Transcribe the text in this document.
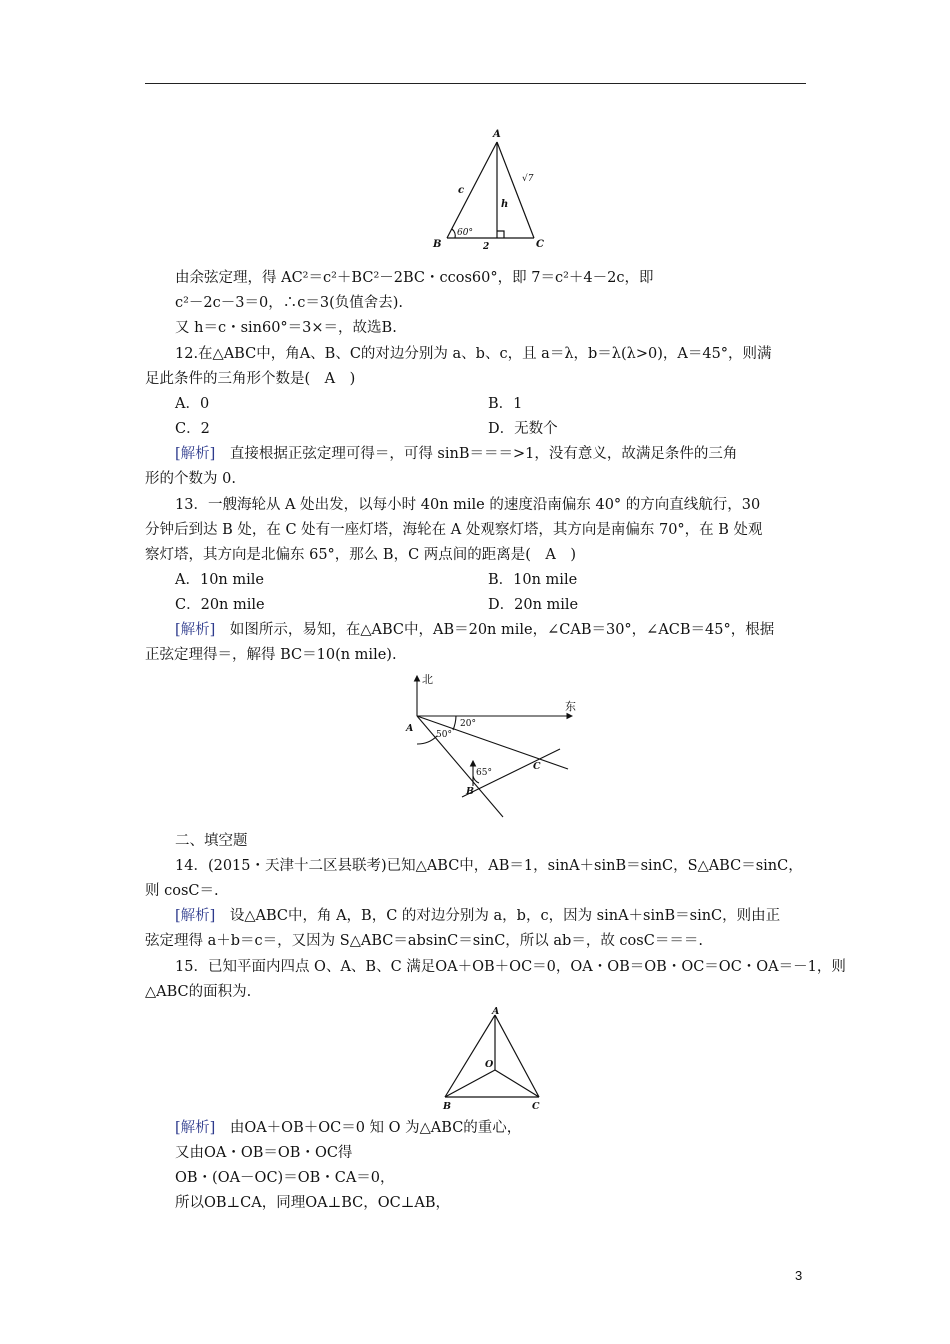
A
B	C
c
h
√7
60°
2
由余弦定理，得 AC²＝c²＋BC²－2BC・ccos60°，即 7＝c²＋4－2c，即
c²－2c－3＝0，∴c＝3(负值舍去).
又 h＝c・sin60°＝3×＝，故选B.
12.在△ABC中，角A、B、C的对边分别为 a、b、c，且 a＝λ，b＝λ(λ>0)，A＝45°，则满
足此条件的三角形个数是(　A　)
A．0	B．1
C．2	D．无数个
[解析]　直接根据正弦定理可得＝，可得 sinB＝＝＝>1，没有意义，故满足条件的三角
形的个数为 0.
13．一艘海轮从 A 处出发，以每小时 40n mile 的速度沿南偏东 40° 的方向直线航行，30
分钟后到达 B 处，在 C 处有一座灯塔，海轮在 A 处观察灯塔，其方向是南偏东 70°，在 B 处观
察灯塔，其方向是北偏东 65°，那么 B，C 两点间的距离是(　A　)
A．10n mile	B．10n mile
C．20n mile	D．20n mile
[解析]　如图所示，易知，在△ABC中，AB＝20n mile，∠CAB＝30°，∠ACB＝45°，根据
正弦定理得＝，解得 BC＝10(n mile).
北
东
A
B
C
20°
50°
65°
二、填空题
14．(2015・天津十二区县联考)已知△ABC中，AB＝1，sinA＋sinB＝sinC，S△ABC＝sinC，
则 cosC＝.
[解析]　设△ABC中，角 A，B，C 的对边分别为 a，b，c，因为 sinA＋sinB＝sinC，则由正
弦定理得 a＋b＝c＝，又因为 S△ABC＝absinC＝sinC，所以 ab＝，故 cosC＝＝＝.
15．已知平面内四点 O、A、B、C 满足OA＋OB＋OC＝0，OA・OB＝OB・OC＝OC・OA＝－1，则
△ABC的面积为.
A
B	C
O
[解析]　由OA＋OB＋OC＝0 知 O 为△ABC的重心，
又由OA・OB＝OB・OC得
OB・(OA－OC)＝OB・CA＝0，
所以OB⊥CA，同理OA⊥BC，OC⊥AB，
3
